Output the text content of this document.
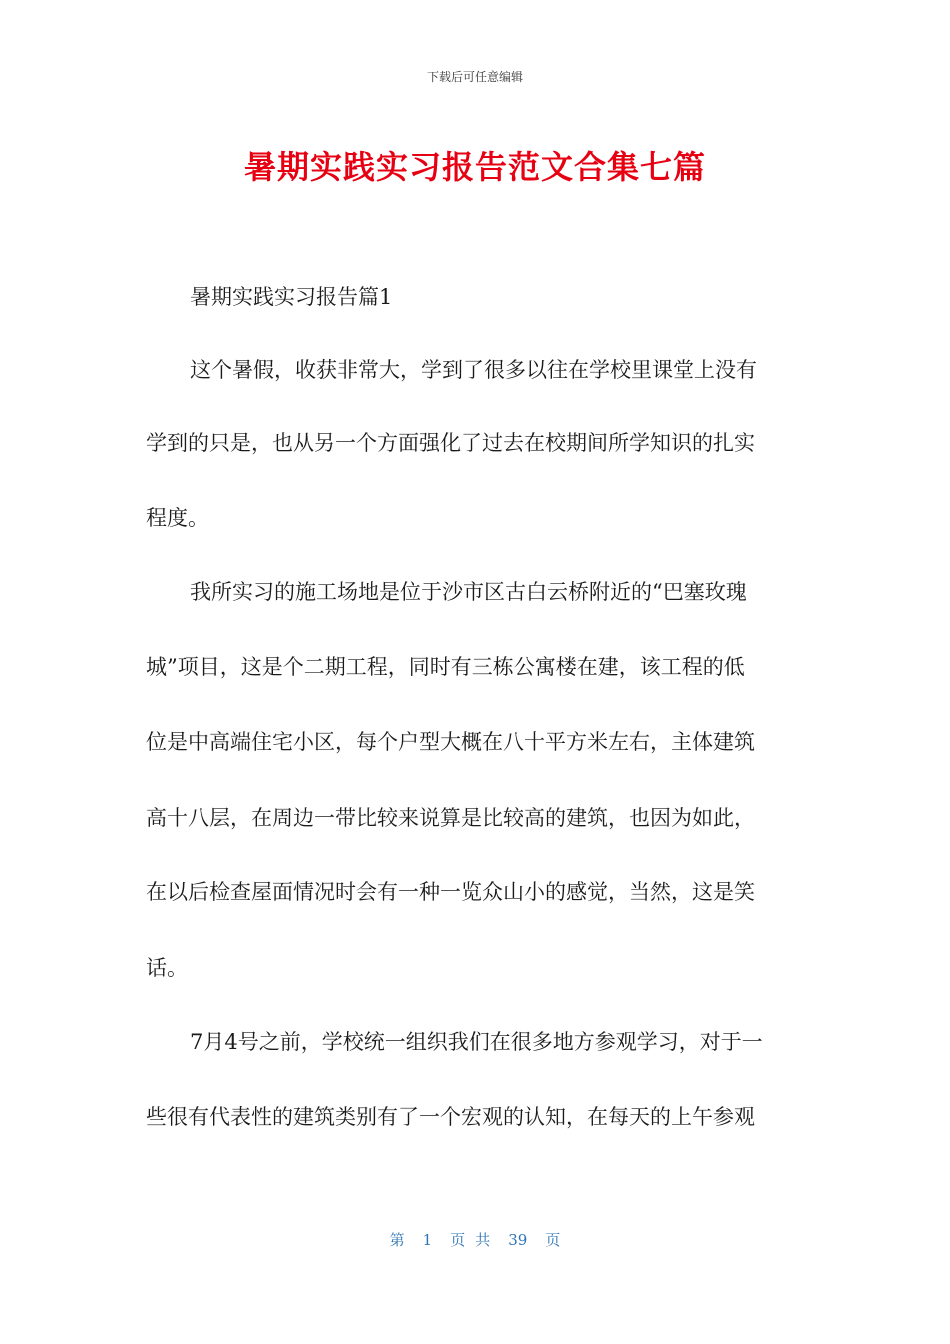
下载后可任意编辑
暑期实践实习报告范文合集七篇
暑期实践实习报告篇1
这个暑假，收获非常大，学到了很多以往在学校里课堂上没有
学到的只是，也从另一个方面强化了过去在校期间所学知识的扎实
程度。
我所实习的施工场地是位于沙市区古白云桥附近的“巴塞玫瑰
城”项目，这是个二期工程，同时有三栋公寓楼在建，该工程的低
位是中高端住宅小区，每个户型大概在八十平方米左右，主体建筑
高十八层，在周边一带比较来说算是比较高的建筑，也因为如此，
在以后检查屋面情况时会有一种一览众山小的感觉，当然，这是笑
话。
7月4号之前，学校统一组织我们在很多地方参观学习，对于一
些很有代表性的建筑类别有了一个宏观的认知，在每天的上午参观
第 1 页 共 39 页
